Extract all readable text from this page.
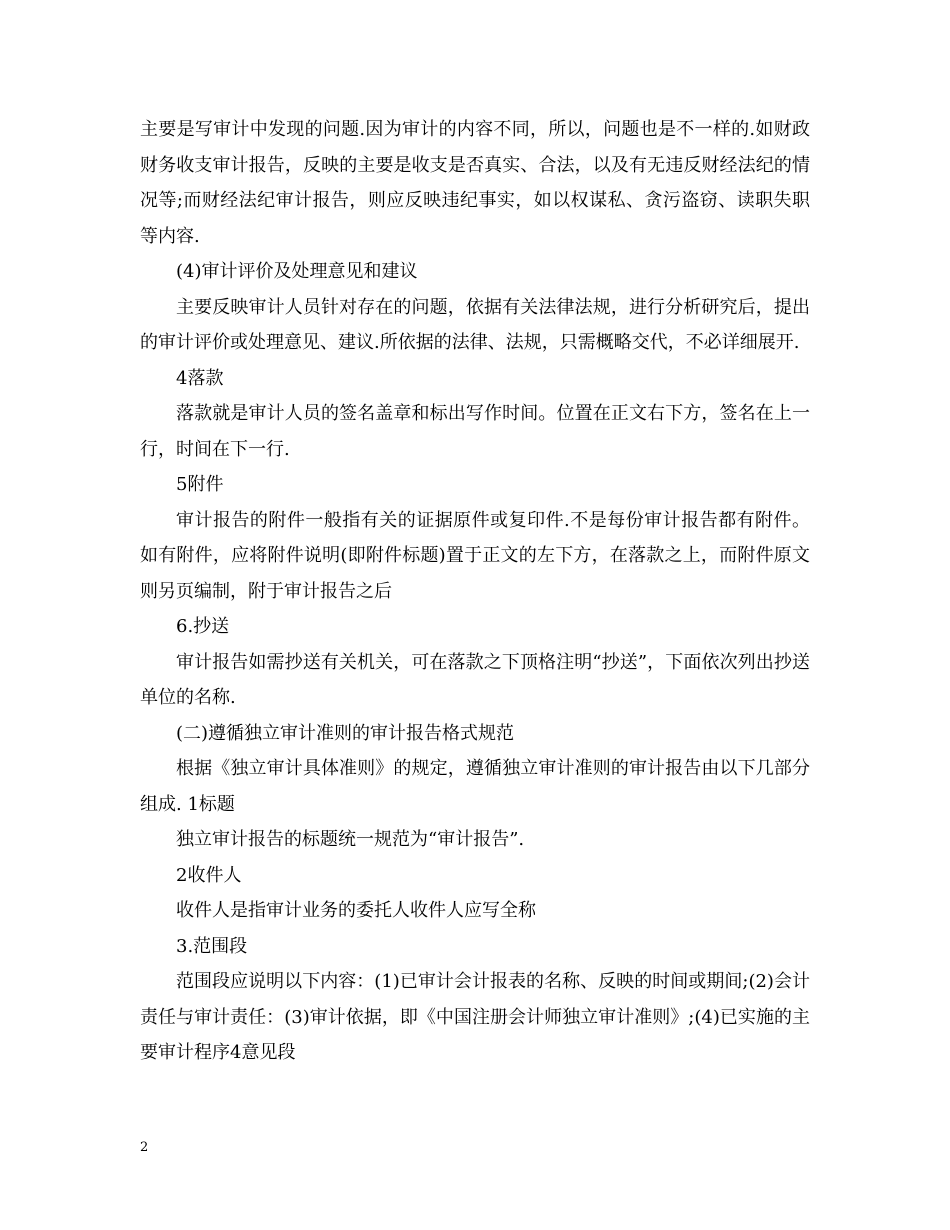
主要是写审计中发现的问题.因为审计的内容不同，所以，问题也是不一样的.如财政财务收支审计报告，反映的主要是收支是否真实、合法，以及有无违反财经法纪的情况等;而财经法纪审计报告，则应反映违纪事实，如以权谋私、贪污盗窃、读职失职等内容.

(4)审计评价及处理意见和建议

主要反映审计人员针对存在的问题，依据有关法律法规，进行分析研究后，提出的审计评价或处理意见、建议.所依据的法律、法规，只需概略交代，不必详细展开.

4落款

落款就是审计人员的签名盖章和标出写作时间。位置在正文右下方，签名在上一行，时间在下一行.

5附件

审计报告的附件一般指有关的证据原件或复印件.不是每份审计报告都有附件。如有附件，应将附件说明(即附件标题)置于正文的左下方，在落款之上，而附件原文则另页编制，附于审计报告之后

6.抄送

审计报告如需抄送有关机关，可在落款之下顶格注明“抄送”，下面依次列出抄送单位的名称.

(二)遵循独立审计准则的审计报告格式规范

根据《独立审计具体准则》的规定，遵循独立审计准则的审计报告由以下几部分组成. 1标题

独立审计报告的标题统一规范为“审计报告”.

2收件人

收件人是指审计业务的委托人收件人应写全称

3.范围段

范围段应说明以下内容：(1)已审计会计报表的名称、反映的时间或期间;(2)会计责任与审计责任：(3)审计依据，即《中国注册会计师独立审计准则》;(4)已实施的主要审计程序4意见段

2
